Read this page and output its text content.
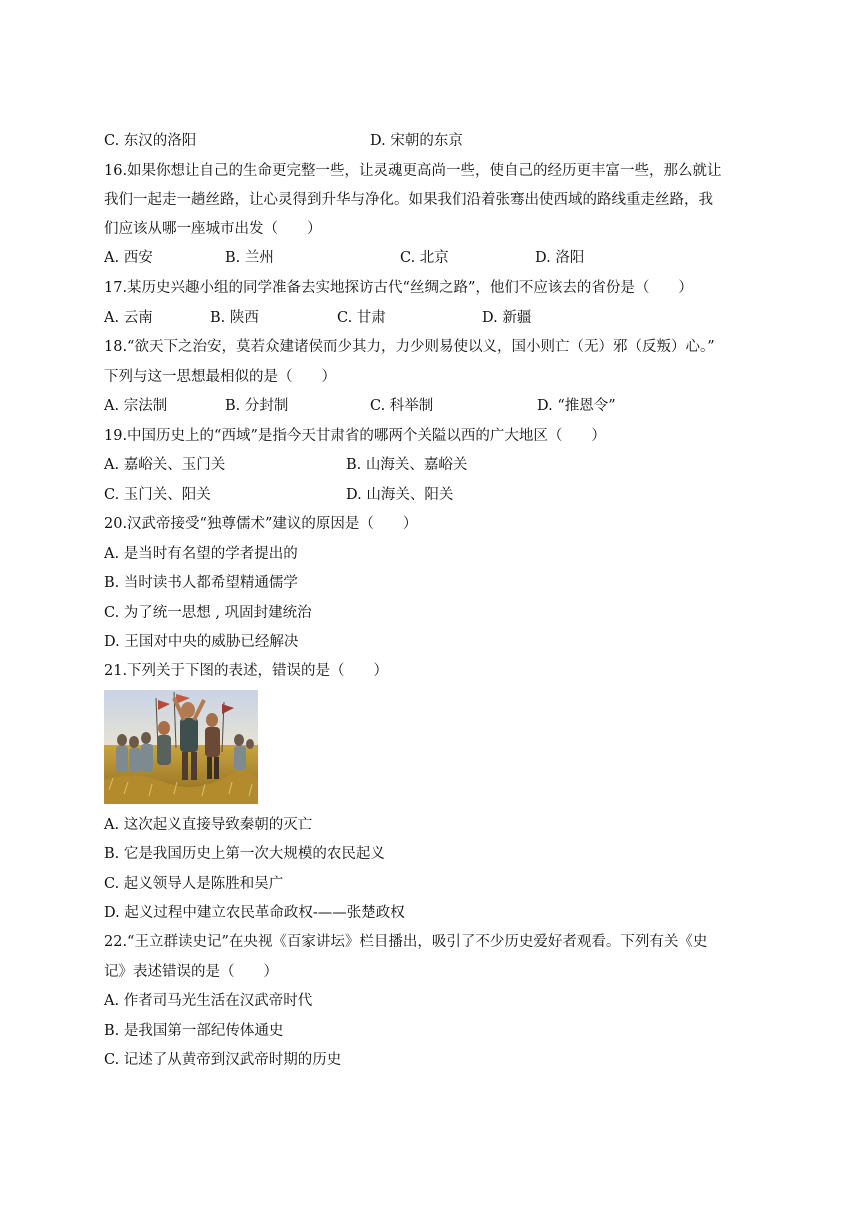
C. 东汉的洛阳	D. 宋朝的东京
16.如果你想让自己的生命更完整一些，让灵魂更高尚一些，使自己的经历更丰富一些，那么就让
我们一起走一趟丝路，让心灵得到升华与净化。如果我们沿着张骞出使西域的路线重走丝路，我
们应该从哪一座城市出发（　　）
A. 西安	B. 兰州	C. 北京	D. 洛阳
17.某历史兴趣小组的同学准备去实地探访古代“丝绸之路”，他们不应该去的省份是（　　）
A. 云南	B. 陕西	C. 甘肃	D. 新疆
18.“欲天下之治安，莫若众建诸侯而少其力，力少则易使以义，国小则亡（无）邪（反叛）心。”
下列与这一思想最相似的是（　　）
A. 宗法制	B. 分封制	C. 科举制	D. “推恩令”
19.中国历史上的“西域”是指今天甘肃省的哪两个关隘以西的广大地区（　　）
A. 嘉峪关、玉门关	B. 山海关、嘉峪关
C. 玉门关、阳关	D. 山海关、阳关
20.汉武帝接受“独尊儒术”建议的原因是（　　）
A. 是当时有名望的学者提出的
B. 当时读书人都希望精通儒学
C. 为了统一思想 , 巩固封建统治
D. 王国对中央的威胁已经解决
21.下列关于下图的表述，错误的是（　　）
A. 这次起义直接导致秦朝的灭亡
B. 它是我国历史上第一次大规模的农民起义
C. 起义领导人是陈胜和吴广
D. 起义过程中建立农民革命政权-——张楚政权
22.“王立群读史记”在央视《百家讲坛》栏目播出，吸引了不少历史爱好者观看。下列有关《史
记》表述错误的是（　　）
A. 作者司马光生活在汉武帝时代
B. 是我国第一部纪传体通史
C. 记述了从黄帝到汉武帝时期的历史
